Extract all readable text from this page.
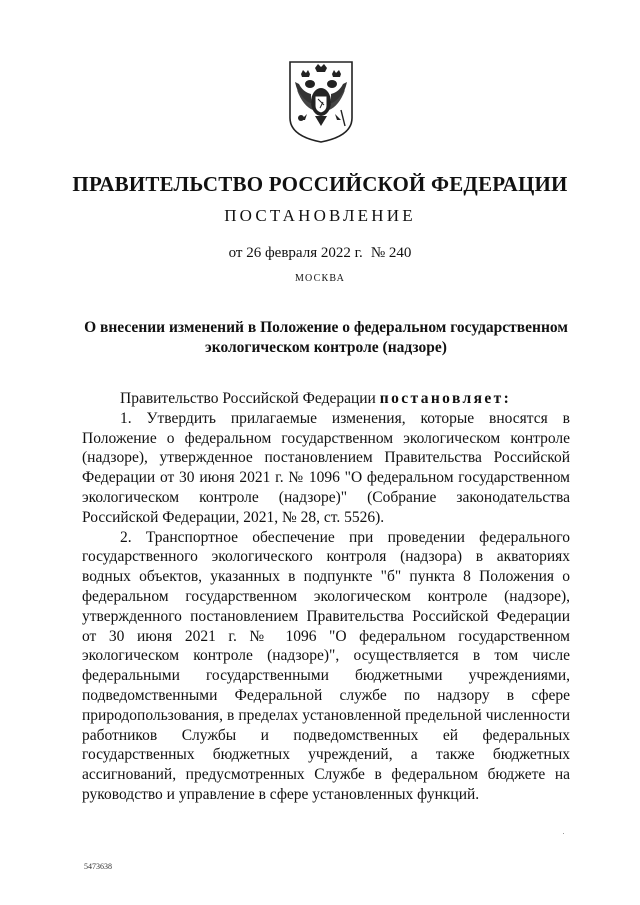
ПРАВИТЕЛЬСТВО РОССИЙСКОЙ ФЕДЕРАЦИИ
ПОСТАНОВЛЕНИЕ
от 26 февраля 2022 г. № 240
МОСКВА
О внесении изменений в Положение о федеральном государственном экологическом контроле (надзоре)

Правительство Российской Федерации постановляет:

1. Утвердить прилагаемые изменения, которые вносятся в Положение о федеральном государственном экологическом контроле (надзоре), утвержденное постановлением Правительства Российской Федерации от 30 июня 2021 г. № 1096 "О федеральном государственном экологическом контроле (надзоре)" (Собрание законодательства Российской Федерации, 2021, № 28, ст. 5526).

2. Транспортное обеспечение при проведении федерального государственного экологического контроля (надзора) в акваториях водных объектов, указанных в подпункте "б" пункта 8 Положения о федеральном государственном экологическом контроле (надзоре), утвержденного постановлением Правительства Российской Федерации от 30 июня 2021 г. № 1096 "О федеральном государственном экологическом контроле (надзоре)", осуществляется в том числе федеральными государственными бюджетными учреждениями, подведомственными Федеральной службе по надзору в сфере природопользования, в пределах установленной предельной численности работников Службы и подведомственных ей федеральных государственных бюджетных учреждений, а также бюджетных ассигнований, предусмотренных Службе в федеральном бюджете на руководство и управление в сфере установленных функций.

5473638
